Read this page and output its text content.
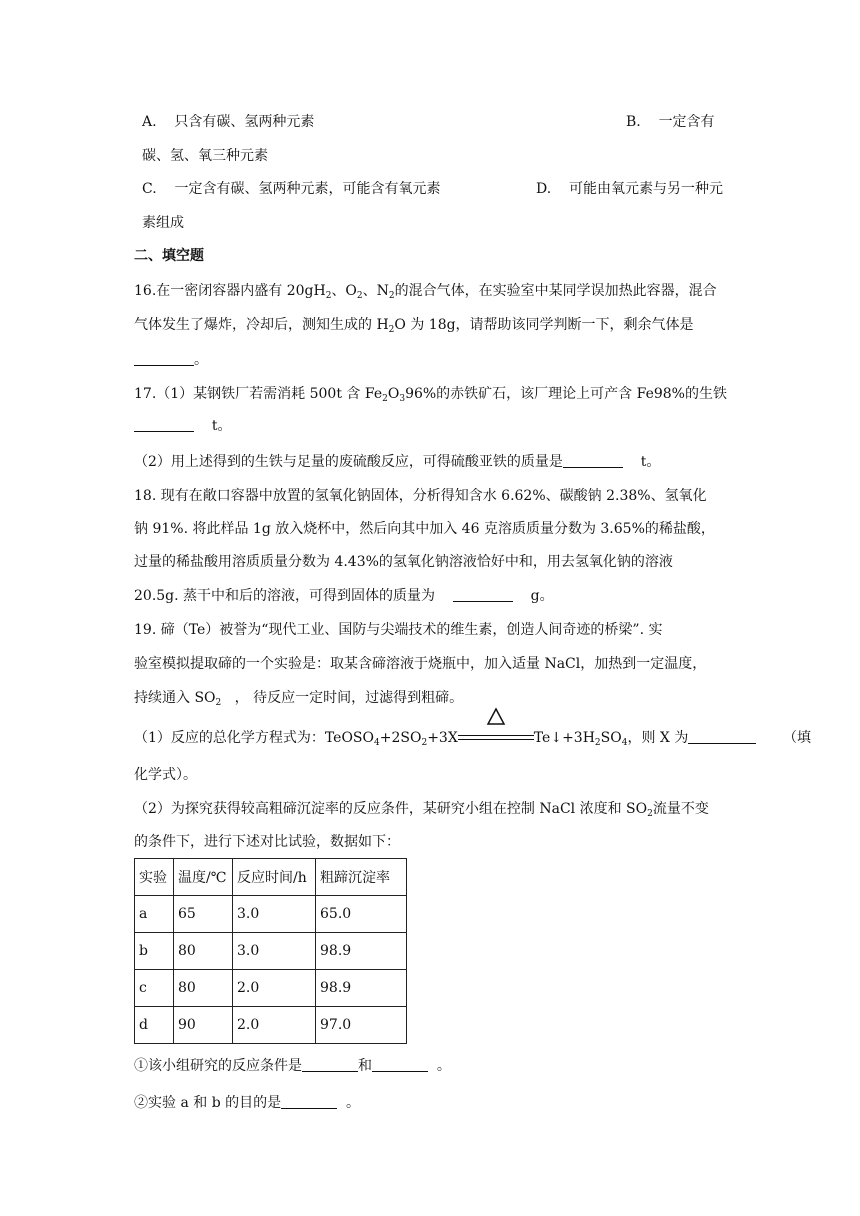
A. 只含有碳、氢两种元素	B. 一定含有
碳、氢、氧三种元素
C. 一定含有碳、氢两种元素，可能含有氧元素	D. 可能由氧元素与另一种元
素组成
二、填空题
16.在一密闭容器内盛有 $20gH_2$、$O_2$、$N_2$的混合气体，在实验室中某同学误加热此容器，混合
气体发生了爆炸，冷却后，测知生成的 $H_2O$ 为 18g，请帮助该同学判断一下，剩余气体是
。
17.（1）某钢铁厂若需消耗 500t 含 $Fe_2O_396\%$的赤铁矿石，该厂理论上可产含 Fe98%的生铁
t。
（2）用上述得到的生铁与足量的废硫酸反应，可得硫酸亚铁的质量是	t。
18. 现有在敞口容器中放置的氢氧化钠固体，分析得知含水 6.62%、碳酸钠 2.38%、氢氧化
钠 91%. 将此样品 1g 放入烧杯中，然后向其中加入 46 克溶质质量分数为 3.65%的稀盐酸，
过量的稀盐酸用溶质质量分数为 4.43%的氢氧化钠溶液恰好中和，用去氢氧化钠的溶液
20.5g. 蒸干中和后的溶液，可得到固体的质量为	g。
19. 碲（Te）被誉为“现代工业、国防与尖端技术的维生素，创造人间奇迹的桥梁”. 实
验室模拟提取碲的一个实验是：取某含碲溶液于烧瓶中，加入适量 NaCl，加热到一定温度，
持续通入 $SO_2$ ， 待反应一定时间，过滤得到粗碲。
（1）反应的总化学方程式为：$TeOSO_4+2SO_2+3X$	$Te↓+3H_2SO_4$，则 X 为	（填
化学式）。
（2）为探究获得较高粗碲沉淀率的反应条件，某研究小组在控制 NaCl 浓度和 $SO_2$流量不变
的条件下，进行下述对比试验，数据如下：
实验	温度/℃	反应时间/h	粗蹄沉淀率
a	65	3.0	65.0
b	80	3.0	98.9
c	80	2.0	98.9
d	90	2.0	97.0
①该小组研究的反应条件是	和	。
②实验 a 和 b 的目的是	。
